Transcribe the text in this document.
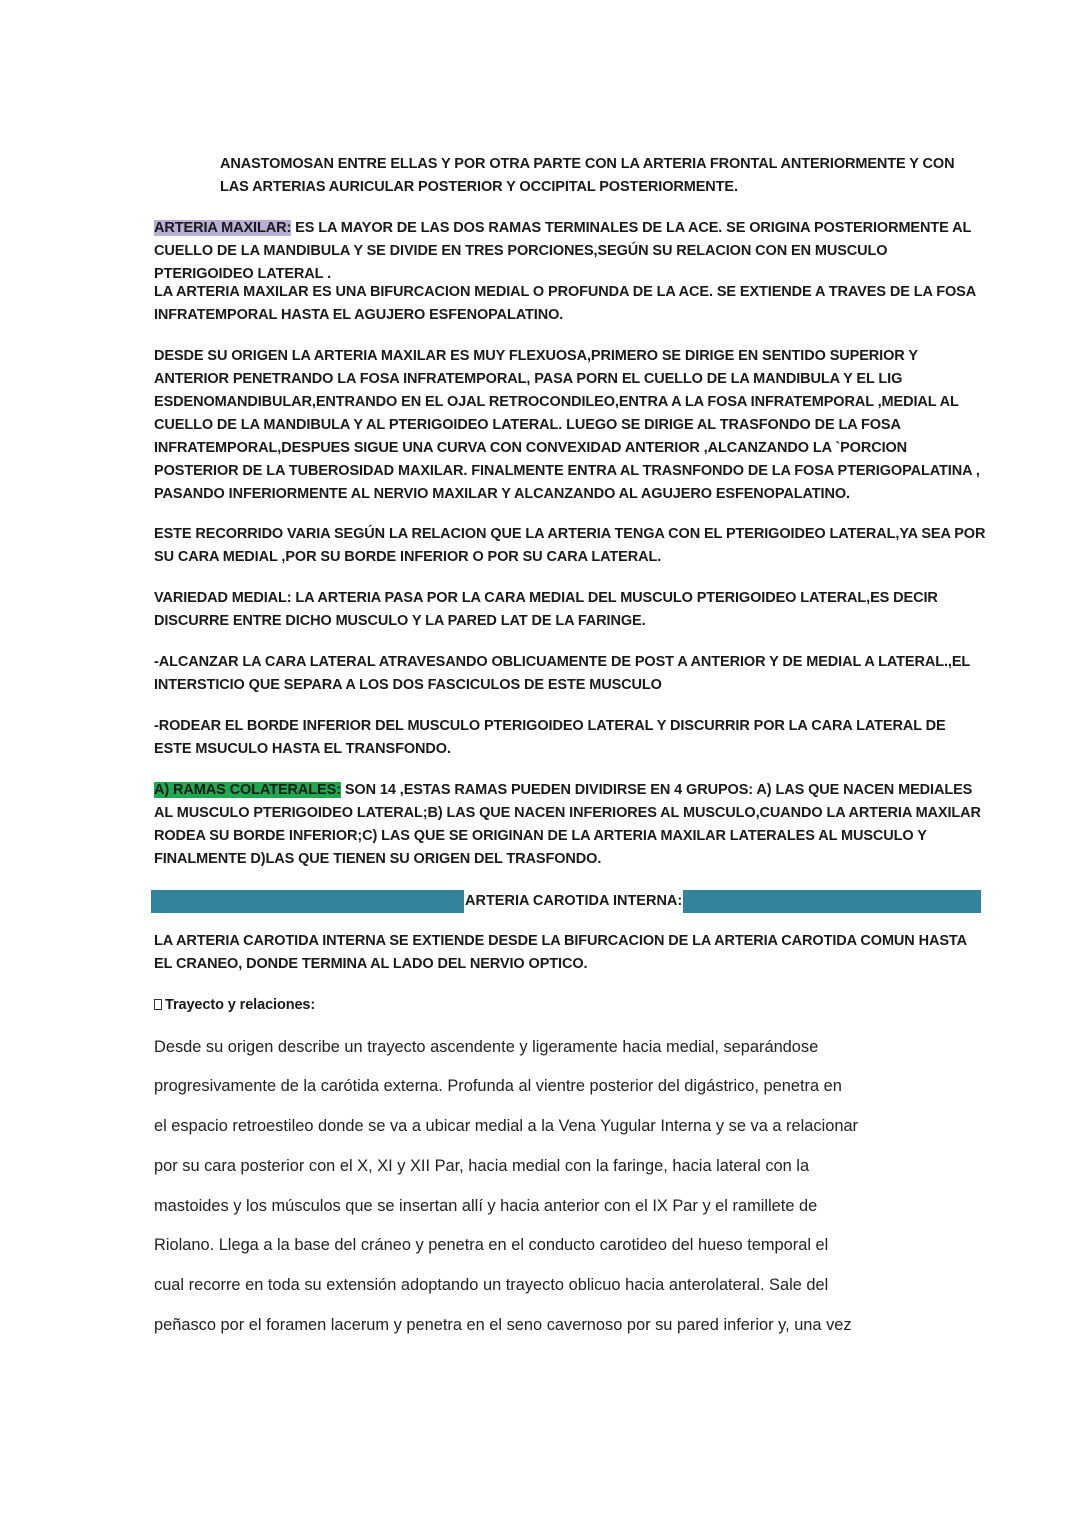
ANASTOMOSAN ENTRE ELLAS Y POR OTRA PARTE CON LA ARTERIA FRONTAL ANTERIORMENTE Y CON LAS ARTERIAS AURICULAR POSTERIOR Y OCCIPITAL POSTERIORMENTE.

ARTERIA MAXILAR: ES LA MAYOR DE LAS DOS RAMAS TERMINALES DE LA ACE. SE ORIGINA POSTERIORMENTE AL CUELLO DE LA MANDIBULA Y SE DIVIDE EN TRES PORCIONES,SEGÚN SU RELACION CON EN MUSCULO PTERIGOIDEO LATERAL .

LA ARTERIA MAXILAR ES UNA BIFURCACION MEDIAL O PROFUNDA DE LA ACE. SE EXTIENDE A TRAVES DE LA FOSA INFRATEMPORAL HASTA EL AGUJERO ESFENOPALATINO.

DESDE SU ORIGEN LA ARTERIA MAXILAR ES MUY FLEXUOSA,PRIMERO SE DIRIGE EN SENTIDO SUPERIOR Y ANTERIOR PENETRANDO LA FOSA INFRATEMPORAL, PASA PORN EL CUELLO DE LA MANDIBULA Y EL LIG ESDENOMANDIBULAR,ENTRANDO EN EL OJAL RETROCONDILEO,ENTRA A LA FOSA INFRATEMPORAL ,MEDIAL AL CUELLO DE LA MANDIBULA Y AL PTERIGOIDEO LATERAL. LUEGO SE DIRIGE AL TRASFONDO DE LA FOSA INFRATEMPORAL,DESPUES SIGUE UNA CURVA CON CONVEXIDAD ANTERIOR ,ALCANZANDO LA `PORCION POSTERIOR DE LA TUBEROSIDAD MAXILAR. FINALMENTE ENTRA AL TRASNFONDO DE LA FOSA PTERIGOPALATINA , PASANDO INFERIORMENTE AL NERVIO MAXILAR Y ALCANZANDO AL AGUJERO ESFENOPALATINO.

ESTE RECORRIDO VARIA SEGÚN LA RELACION QUE LA ARTERIA TENGA CON EL PTERIGOIDEO LATERAL,YA SEA POR SU CARA MEDIAL ,POR SU BORDE INFERIOR O POR SU CARA LATERAL.

VARIEDAD MEDIAL: LA ARTERIA PASA POR LA CARA MEDIAL DEL MUSCULO PTERIGOIDEO LATERAL,ES DECIR DISCURRE ENTRE DICHO MUSCULO Y LA PARED LAT DE LA FARINGE.

-ALCANZAR LA CARA LATERAL ATRAVESANDO OBLICUAMENTE DE POST A ANTERIOR Y DE MEDIAL A LATERAL.,EL INTERSTICIO QUE SEPARA A LOS DOS FASCICULOS DE ESTE MUSCULO

-RODEAR EL BORDE INFERIOR DEL MUSCULO PTERIGOIDEO LATERAL Y DISCURRIR POR LA CARA LATERAL DE ESTE MSUCULO HASTA EL TRANSFONDO.

A) RAMAS COLATERALES: SON 14 ,ESTAS RAMAS PUEDEN DIVIDIRSE EN 4 GRUPOS: A) LAS QUE NACEN MEDIALES AL MUSCULO PTERIGOIDEO LATERAL;B) LAS QUE NACEN INFERIORES AL MUSCULO,CUANDO LA ARTERIA MAXILAR RODEA SU BORDE INFERIOR;C) LAS QUE SE ORIGINAN DE LA ARTERIA MAXILAR LATERALES AL MUSCULO Y FINALMENTE D)LAS QUE TIENEN SU ORIGEN DEL TRASFONDO.

ARTERIA CAROTIDA INTERNA:

LA ARTERIA CAROTIDA INTERNA SE EXTIENDE DESDE LA BIFURCACION DE LA ARTERIA CAROTIDA COMUN HASTA EL CRANEO, DONDE TERMINA AL LADO DEL NERVIO OPTICO.

Trayecto y relaciones:

Desde su origen describe un trayecto ascendente y ligeramente hacia medial, separándose
progresivamente de la carótida externa. Profunda al vientre posterior del digástrico, penetra en
el espacio retroestileo donde se va a ubicar medial a la Vena Yugular Interna y se va a relacionar
por su cara posterior con el X, XI y XII Par, hacia medial con la faringe, hacia lateral con la
mastoides y los músculos que se insertan allí y hacia anterior con el IX Par y el ramillete de
Riolano. Llega a la base del cráneo y penetra en el conducto carotideo del hueso temporal el
cual recorre en toda su extensión adoptando un trayecto oblicuo hacia anterolateral. Sale del
peñasco por el foramen lacerum y penetra en el seno cavernoso por su pared inferior y, una vez
